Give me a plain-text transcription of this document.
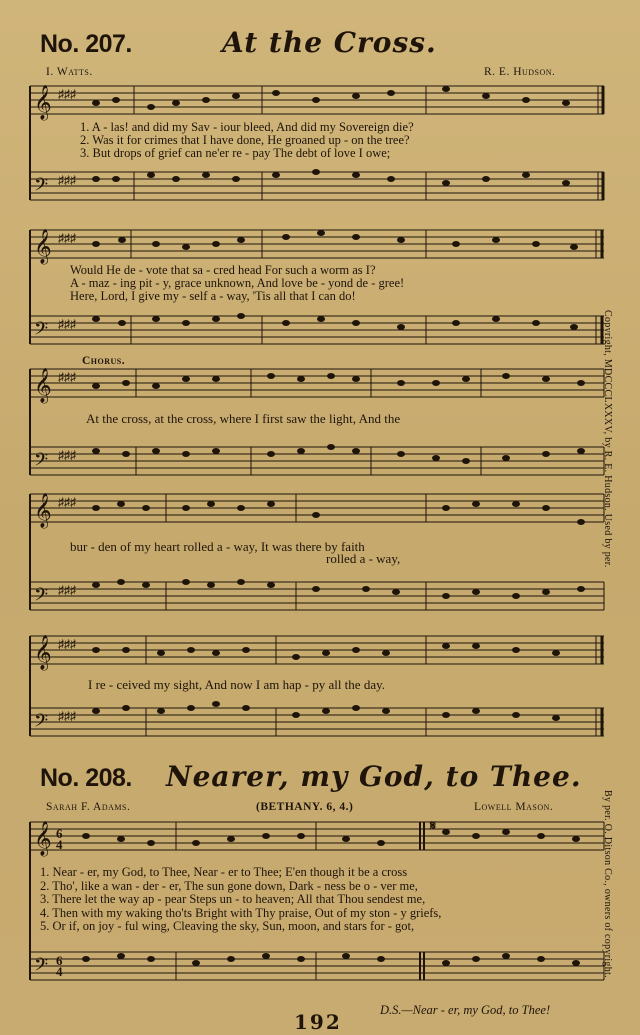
No. 207.	At the Cross.
I. Watts.	R. E. Hudson.
𝄞
𝄢
♯♯♯
♯♯♯
1. A - las! and did my Sav - iour bleed, And did my Sovereign die?
2. Was it for crimes that I have done, He groaned up - on the tree?
3. But drops of grief can ne'er re - pay The debt of love I owe;
𝄞
𝄢
♯♯♯
♯♯♯
Would He de - vote that sa - cred head For such a worm as I?
A - maz - ing pit - y, grace unknown, And love be - yond de - gree!
Here, Lord, I give my - self a - way, 'Tis all that I can do!
Chorus.
𝄞
𝄢
♯♯♯
♯♯♯
At the cross, at the cross, where I first saw the light, And the
𝄞
𝄢
♯♯♯
♯♯♯
bur - den of my heart rolled a - way, It was there by faith
rolled a - way,
𝄞
𝄢
♯♯♯
♯♯♯
I re - ceived my sight, And now I am hap - py all the day.
Copyright, MDCCCLXXXV, by R. E. Hudson. Used by per.
No. 208. Nearer, my God, to Thee.
Sarah F. Adams.	(BETHANY. 6, 4.)	Lowell Mason.
𝄞
𝄢
6
4
6
4
𝄋
1. Near - er, my God, to Thee, Near - er to Thee; E'en though it be a cross
2. Tho', like a wan - der - er, The sun gone down, Dark - ness be o - ver me,
3. There let the way ap - pear Steps un - to heaven; All that Thou sendest me,
4. Then with my waking tho'ts Bright with Thy praise, Out of my ston - y griefs,
5. Or if, on joy - ful wing, Cleaving the sky, Sun, moon, and stars for - got,
D.S.—Near - er, my God, to Thee!
By per. O. Ditson Co., owners of copyright.
192
